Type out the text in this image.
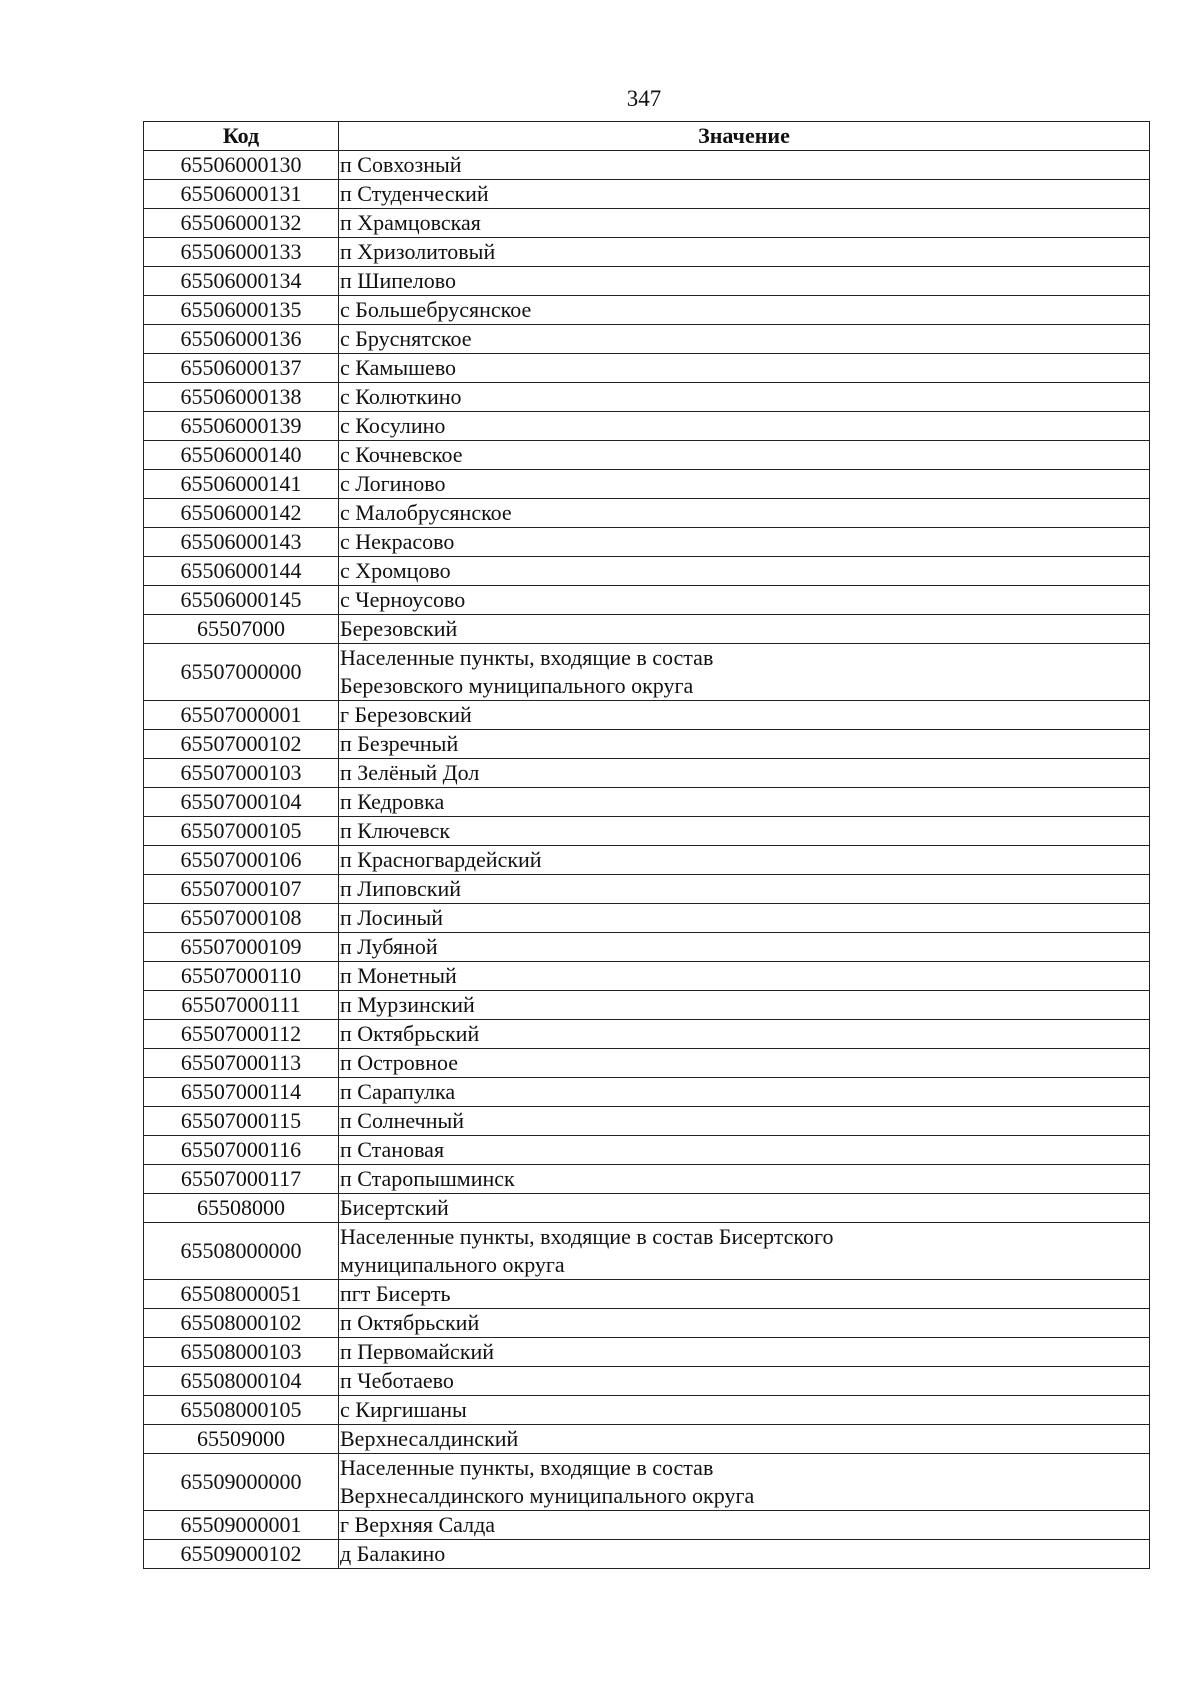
347
Код	Значение
65506000130	п Совхозный

65506000131	п Студенческий

65506000132	п Храмцовская

65506000133	п Хризолитовый

65506000134	п Шипелово

65506000135	с Большебрусянское

65506000136	с Бруснятское

65506000137	с Камышево

65506000138	с Колюткино

65506000139	с Косулино

65506000140	с Кочневское

65506000141	с Логиново

65506000142	с Малобрусянское

65506000143	с Некрасово

65506000144	с Хромцово

65506000145	с Черноусово

65507000	Березовский

65507000000	Населенные пункты, входящие в состав
Березовского муниципального округа

65507000001	г Березовский

65507000102	п Безречный

65507000103	п Зелёный Дол

65507000104	п Кедровка

65507000105	п Ключевск

65507000106	п Красногвардейский

65507000107	п Липовский

65507000108	п Лосиный

65507000109	п Лубяной

65507000110	п Монетный

65507000111	п Мурзинский

65507000112	п Октябрьский

65507000113	п Островное

65507000114	п Сарапулка

65507000115	п Солнечный

65507000116	п Становая

65507000117	п Старопышминск

65508000	Бисертский

65508000000	Населенные пункты, входящие в состав Бисертского
муниципального округа

65508000051	пгт Бисерть

65508000102	п Октябрьский

65508000103	п Первомайский

65508000104	п Чеботаево

65508000105	с Киргишаны

65509000	Верхнесалдинский

65509000000	Населенные пункты, входящие в состав
Верхнесалдинского муниципального округа

65509000001	г Верхняя Салда

65509000102	д Балакино
